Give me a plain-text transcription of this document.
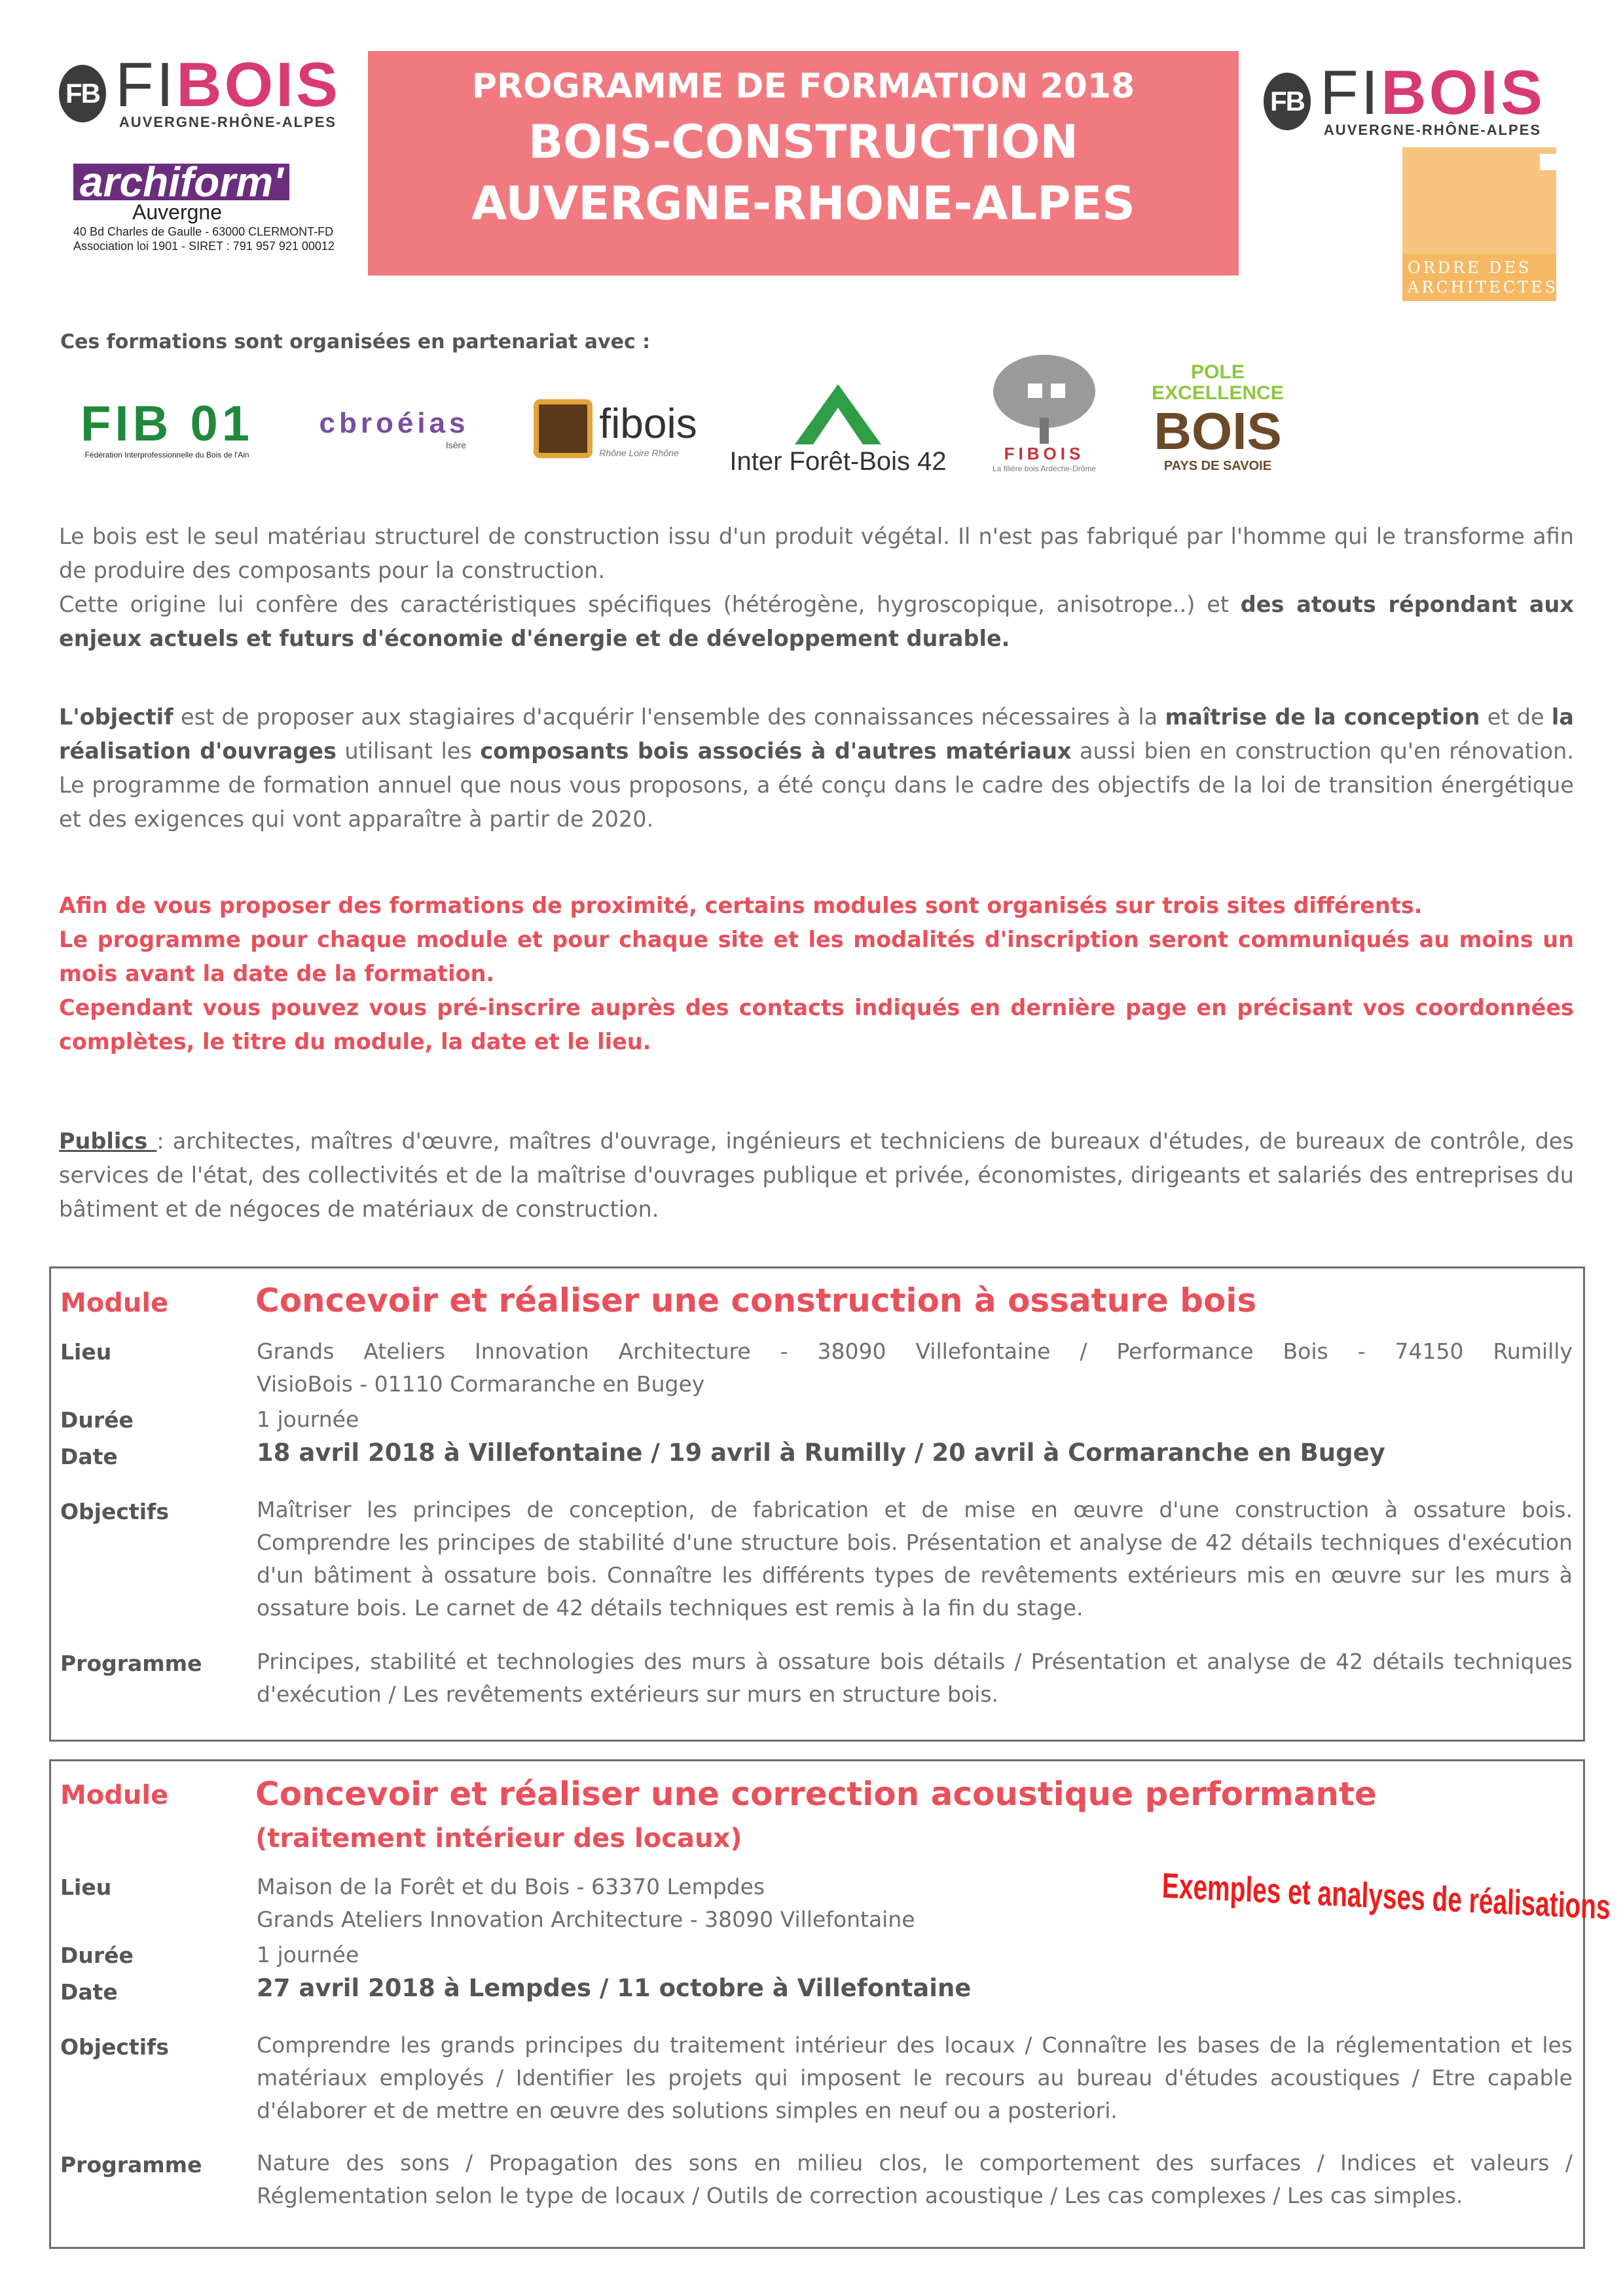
FB FIBOIS
AUVERGNE-RHÔNE-ALPES
archiform'
Auvergne
40 Bd Charles de Gaulle - 63000 CLERMONT-FD
Association loi 1901 - SIRET : 791 957 921 00012
PROGRAMME DE FORMATION 2018
BOIS-CONSTRUCTION
AUVERGNE-RHONE-ALPES
FB FIBOIS
AUVERGNE-RHÔNE-ALPES
ORDRE DES
ARCHITECTES
Ces formations sont organisées en partenariat avec :
FIB 01
Fédération Interprofessionnelle du Bois de l'Ain
cbroéias
Isère	fibois
Rhône Loire Rhône	Inter Forêt-Bois 42	FIBOIS
La filière bois Ardèche-Drôme
POLE
EXCELLENCE
BOIS
PAYS DE SAVOIE
Le bois est le seul matériau structurel de construction issu d'un produit végétal. Il n'est pas fabriqué par l'homme qui le transforme afin de produire des composants pour la construction.
Cette origine lui confère des caractéristiques spécifiques (hétérogène, hygroscopique, anisotrope..) et des atouts répondant aux enjeux actuels et futurs d'économie d'énergie et de développement durable.
L'objectif est de proposer aux stagiaires d'acquérir l'ensemble des connaissances nécessaires à la maîtrise de la conception et de la réalisation d'ouvrages utilisant les composants bois associés à d'autres matériaux aussi bien en construction qu'en rénovation. Le programme de formation annuel que nous vous proposons, a été conçu dans le cadre des objectifs de la loi de transition énergétique et des exigences qui vont apparaître à partir de 2020.
Afin de vous proposer des formations de proximité, certains modules sont organisés sur trois sites différents.
Le programme pour chaque module et pour chaque site et les modalités d'inscription seront communiqués au moins un mois avant la date de la formation.
Cependant vous pouvez vous pré-inscrire auprès des contacts indiqués en dernière page en précisant vos coordonnées complètes, le titre du module, la date et le lieu.
Publics : architectes, maîtres d'œuvre, maîtres d'ouvrage, ingénieurs et techniciens de bureaux d'études, de bureaux de contrôle, des services de l'état, des collectivités et de la maîtrise d'ouvrages publique et privée, économistes, dirigeants et salariés des entreprises du bâtiment et de négoces de matériaux de construction.
Module	Concevoir et réaliser une construction à ossature bois
Lieu	Grands Ateliers Innovation Architecture - 38090 Villefontaine / Performance Bois - 74150 Rumilly
VisioBois - 01110 Cormaranche en Bugey
Durée	1 journée
Date	18 avril 2018 à Villefontaine / 19 avril à Rumilly / 20 avril à Cormaranche en Bugey
Objectifs	Maîtriser les principes de conception, de fabrication et de mise en œuvre d'une construction à ossature bois. Comprendre les principes de stabilité d'une structure bois. Présentation et analyse de 42 détails techniques d'exécution d'un bâtiment à ossature bois. Connaître les différents types de revêtements extérieurs mis en œuvre sur les murs à ossature bois. Le carnet de 42 détails techniques est remis à la fin du stage.
Programme	Principes, stabilité et technologies des murs à ossature bois détails / Présentation et analyse de 42 détails techniques d'exécution / Les revêtements extérieurs sur murs en structure bois.
Module	Concevoir et réaliser une correction acoustique performante
(traitement intérieur des locaux)
Exemples et analyses de réalisations
Lieu	Maison de la Forêt et du Bois - 63370 Lempdes
Grands Ateliers Innovation Architecture - 38090 Villefontaine
Durée	1 journée
Date	27 avril 2018 à Lempdes / 11 octobre à Villefontaine
Objectifs	Comprendre les grands principes du traitement intérieur des locaux / Connaître les bases de la réglementation et les matériaux employés / Identifier les projets qui imposent le recours au bureau d'études acoustiques / Etre capable d'élaborer et de mettre en œuvre des solutions simples en neuf ou a posteriori.
Programme	Nature des sons / Propagation des sons en milieu clos, le comportement des surfaces / Indices et valeurs / Réglementation selon le type de locaux / Outils de correction acoustique / Les cas complexes / Les cas simples.
